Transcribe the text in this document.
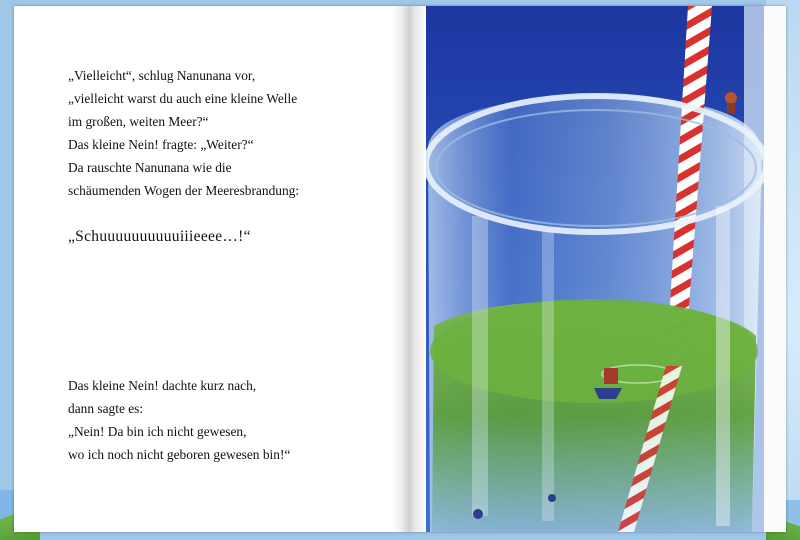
„Vielleicht“, schlug Nanunana vor,
„vielleicht warst du auch eine kleine Welle
im großen, weiten Meer?“
Das kleine Nein! fragte: „Weiter?“
Da rauschte Nanunana wie die
schäumenden Wogen der Meeresbrandung:

„Schuuuuuuuuuuiiieeee…!“

Das kleine Nein! dachte kurz nach,
dann sagte es:
„Nein! Da bin ich nicht gewesen,
wo ich noch nicht geboren gewesen bin!“
